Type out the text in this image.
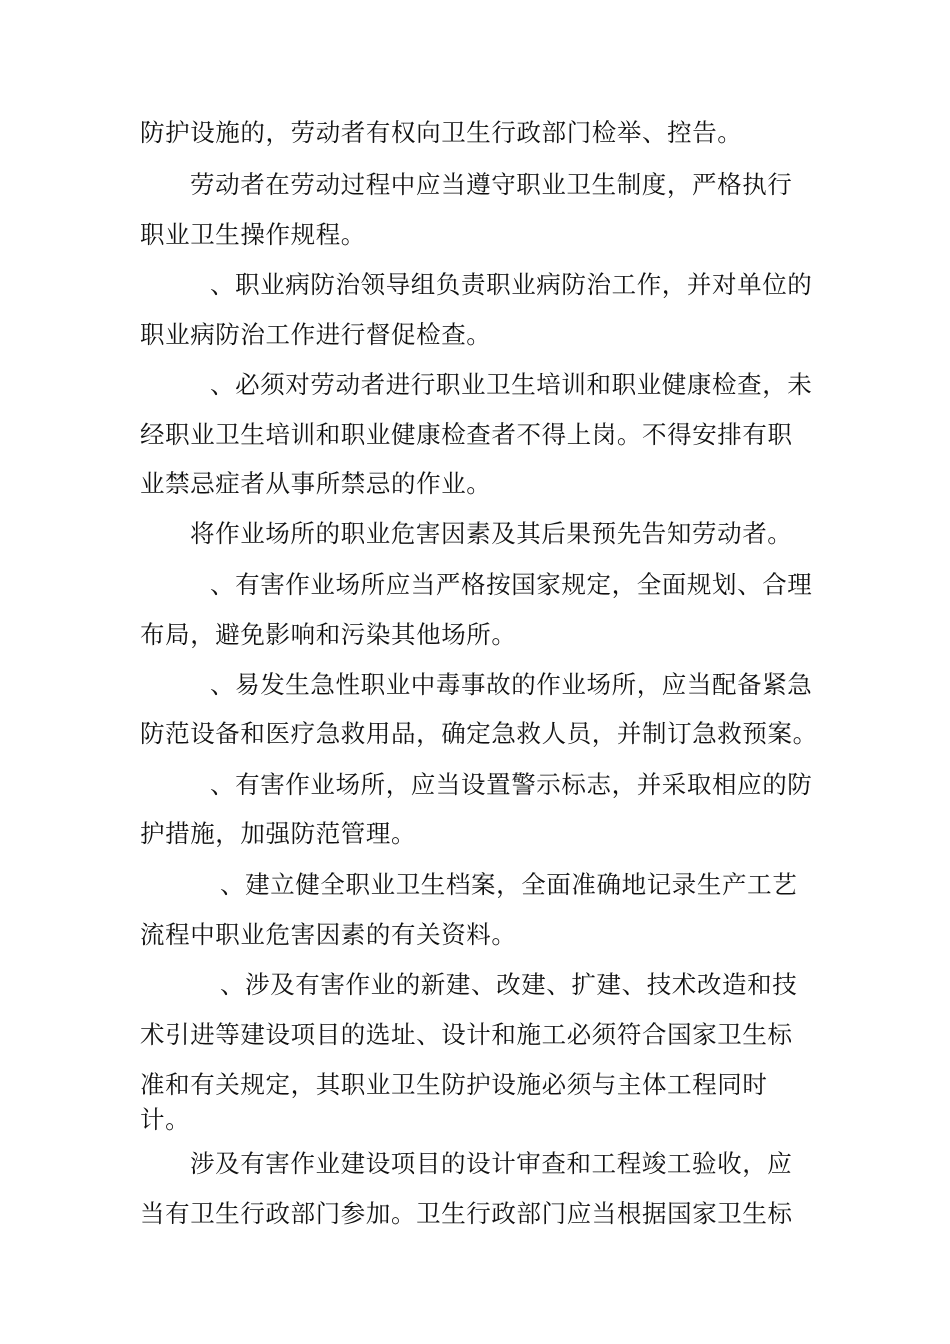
防护设施的，劳动者有权向卫生行政部门检举、控告。
劳动者在劳动过程中应当遵守职业卫生制度，严格执行
职业卫生操作规程。
、职业病防治领导组负责职业病防治工作，并对单位的
职业病防治工作进行督促检查。
、必须对劳动者进行职业卫生培训和职业健康检查，未
经职业卫生培训和职业健康检查者不得上岗。不得安排有职
业禁忌症者从事所禁忌的作业。
将作业场所的职业危害因素及其后果预先告知劳动者。
、有害作业场所应当严格按国家规定，全面规划、合理
布局，避免影响和污染其他场所。
、易发生急性职业中毒事故的作业场所，应当配备紧急
防范设备和医疗急救用品，确定急救人员，并制订急救预案。
、有害作业场所，应当设置警示标志，并采取相应的防
护措施，加强防范管理。
、建立健全职业卫生档案，全面准确地记录生产工艺
流程中职业危害因素的有关资料。
、涉及有害作业的新建、改建、扩建、技术改造和技
术引进等建设项目的选址、设计和施工必须符合国家卫生标
准和有关规定，其职业卫生防护设施必须与主体工程同时
计。
涉及有害作业建设项目的设计审查和工程竣工验收，应
当有卫生行政部门参加。卫生行政部门应当根据国家卫生标
